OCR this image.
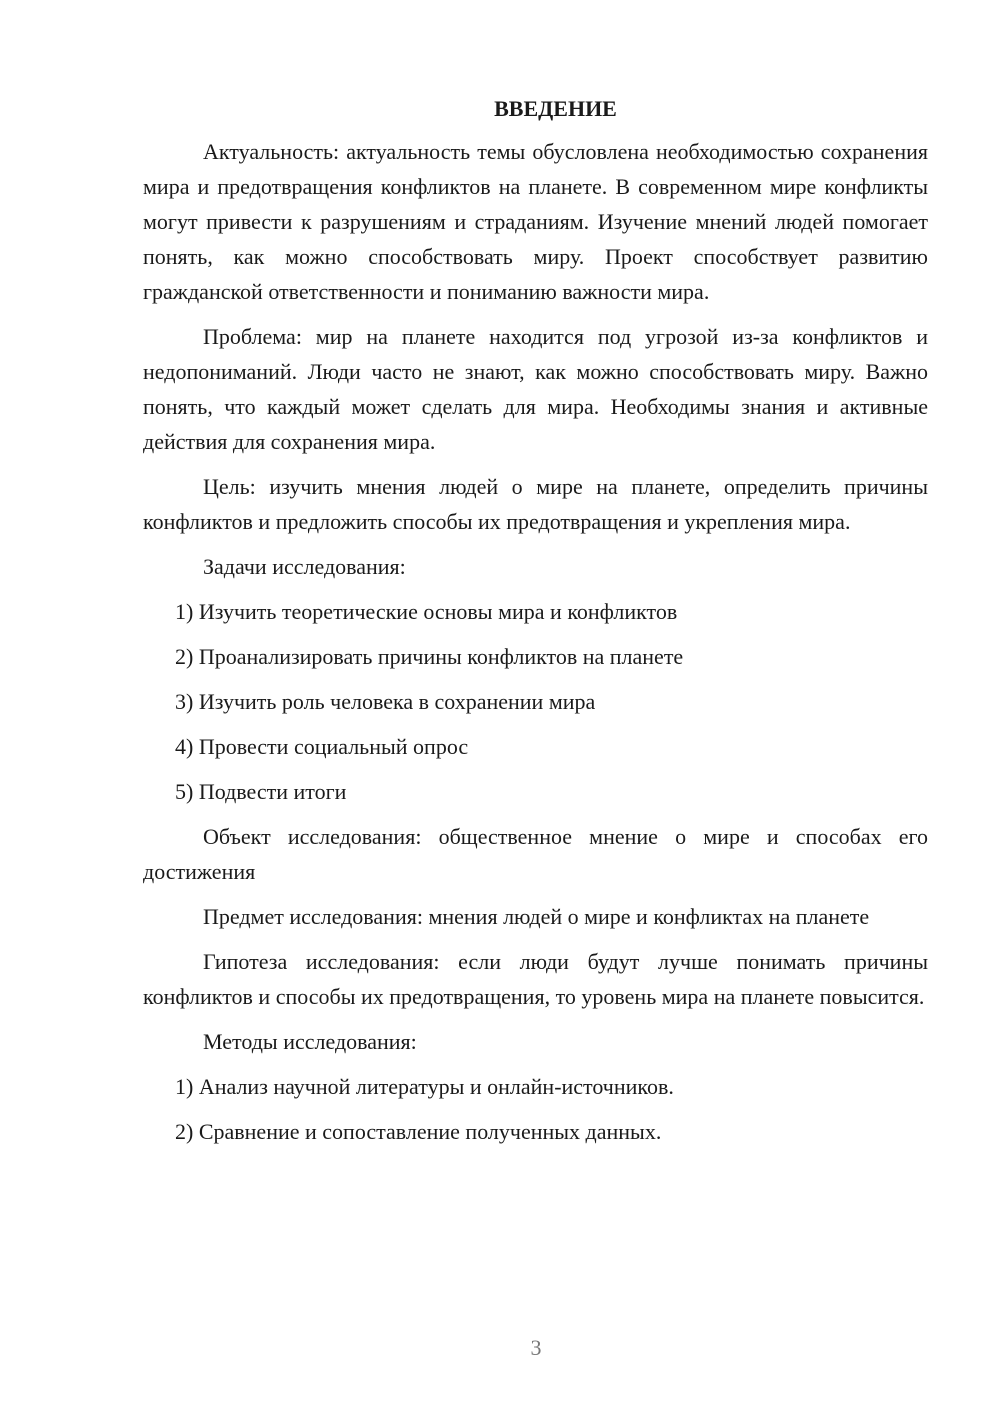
ВВЕДЕНИЕ

Актуальность: актуальность темы обусловлена необходимостью сохранения мира и предотвращения конфликтов на планете. В современном мире конфликты могут привести к разрушениям и страданиям. Изучение мнений людей помогает понять, как можно способствовать миру. Проект способствует развитию гражданской ответственности и пониманию важности мира.

Проблема: мир на планете находится под угрозой из-за конфликтов и недопониманий. Люди часто не знают, как можно способствовать миру. Важно понять, что каждый может сделать для мира. Необходимы знания и активные действия для сохранения мира.

Цель: изучить мнения людей о мире на планете, определить причины конфликтов и предложить способы их предотвращения и укрепления мира.

Задачи исследования:

1) Изучить теоретические основы мира и конфликтов
2) Проанализировать причины конфликтов на планете
3) Изучить роль человека в сохранении мира
4) Провести социальный опрос
5) Подвести итоги

Объект исследования: общественное мнение о мире и способах его достижения

Предмет исследования: мнения людей о мире и конфликтах на планете

Гипотеза исследования: если люди будут лучше понимать причины конфликтов и способы их предотвращения, то уровень мира на планете повысится.

Методы исследования:

1) Анализ научной литературы и онлайн-источников.
2) Сравнение и сопоставление полученных данных.
3
